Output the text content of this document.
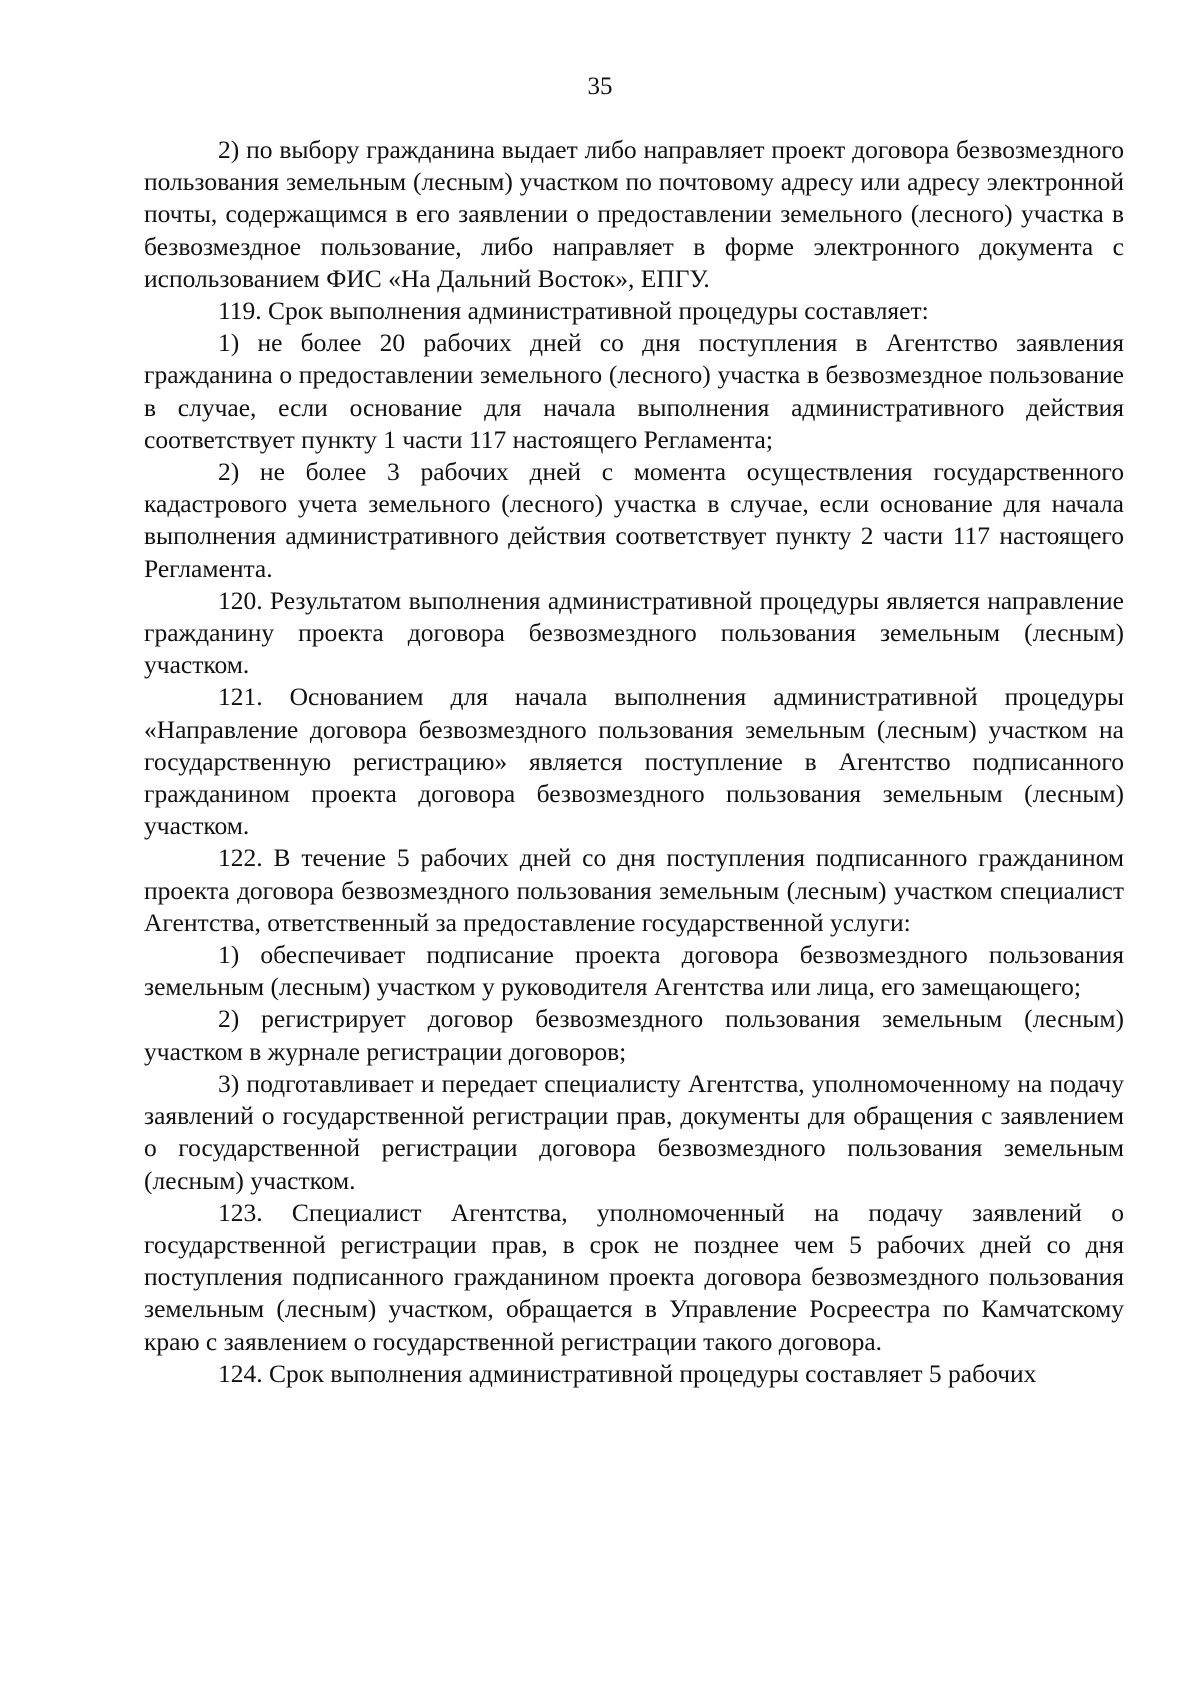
35

2) по выбору гражданина выдает либо направляет проект договора безвозмездного пользования земельным (лесным) участком по почтовому адресу или адресу электронной почты, содержащимся в его заявлении о предоставлении земельного (лесного) участка в безвозмездное пользование, либо направляет в форме электронного документа с использованием ФИС «На Дальний Восток», ЕПГУ.

119. Срок выполнения административной процедуры составляет:

1) не более 20 рабочих дней со дня поступления в Агентство заявления гражданина о предоставлении земельного (лесного) участка в безвозмездное пользование в случае, если основание для начала выполнения административного действия соответствует пункту 1 части 117 настоящего Регламента;

2) не более 3 рабочих дней с момента осуществления государственного кадастрового учета земельного (лесного) участка в случае, если основание для начала выполнения административного действия соответствует пункту 2 части 117 настоящего Регламента.

120. Результатом выполнения административной процедуры является направление гражданину проекта договора безвозмездного пользования земельным (лесным) участком.

121. Основанием для начала выполнения административной процедуры «Направление договора безвозмездного пользования земельным (лесным) участком на государственную регистрацию» является поступление в Агентство подписанного гражданином проекта договора безвозмездного пользования земельным (лесным) участком.

122. В течение 5 рабочих дней со дня поступления подписанного гражданином проекта договора безвозмездного пользования земельным (лесным) участком специалист Агентства, ответственный за предоставление государственной услуги:

1) обеспечивает подписание проекта договора безвозмездного пользования земельным (лесным) участком у руководителя Агентства или лица, его замещающего;

2) регистрирует договор безвозмездного пользования земельным (лесным) участком в журнале регистрации договоров;

3) подготавливает и передает специалисту Агентства, уполномоченному на подачу заявлений о государственной регистрации прав, документы для обращения с заявлением о государственной регистрации договора безвозмездного пользования земельным (лесным) участком.

123. Специалист Агентства, уполномоченный на подачу заявлений о государственной регистрации прав, в срок не позднее чем 5 рабочих дней со дня поступления подписанного гражданином проекта договора безвозмездного пользования земельным (лесным) участком, обращается в Управление Росреестра по Камчатскому краю с заявлением о государственной регистрации такого договора.

124. Срок выполнения административной процедуры составляет 5 рабочих
